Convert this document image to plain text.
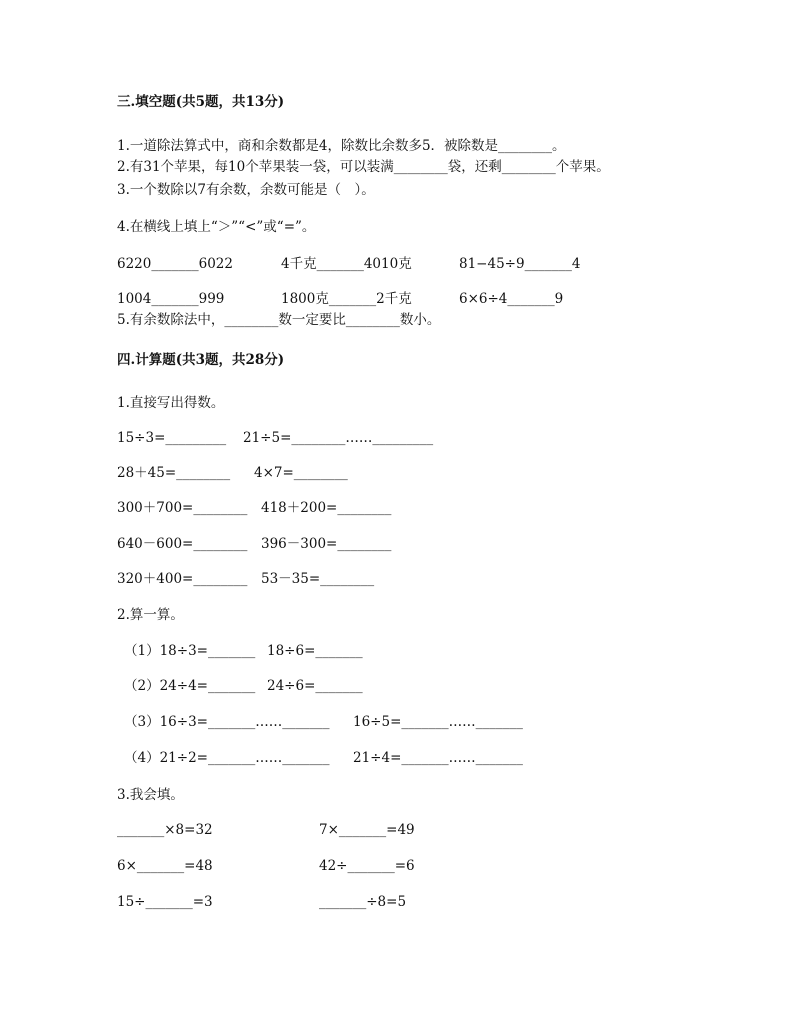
三.填空题(共5题，共13分)
1.一道除法算式中，商和余数都是4，除数比余数多5．被除数是________。
2.有31个苹果，每10个苹果装一袋，可以装满________袋，还剩________个苹果。
3.一个数除以7有余数，余数可能是（　）。
4.在横线上填上“＞”“<”或“=”。
6220_______6022	4千克_______4010克	81−45÷9_______4
1004_______999	1800克_______2千克	6×6÷4_______9
5.有余数除法中，________数一定要比________数小。
四.计算题(共3题，共28分)
1.直接写出得数。
15÷3=_________ 21÷5=________……_________
28＋45=________ 4×7=________
300＋700=________ 418＋200=________
640－600=________ 396－300=________
320＋400=________ 53－35=________
2.算一算。
（1）18÷3=_______ 18÷6=_______
（2）24÷4=_______ 24÷6=_______
（3）16÷3=_______……_______ 16÷5=_______……_______
（4）21÷2=_______……_______ 21÷4=_______……_______
3.我会填。
_______×8=32	7×_______=49
6×_______=48	42÷_______=6
15÷_______=3	_______÷8=5
